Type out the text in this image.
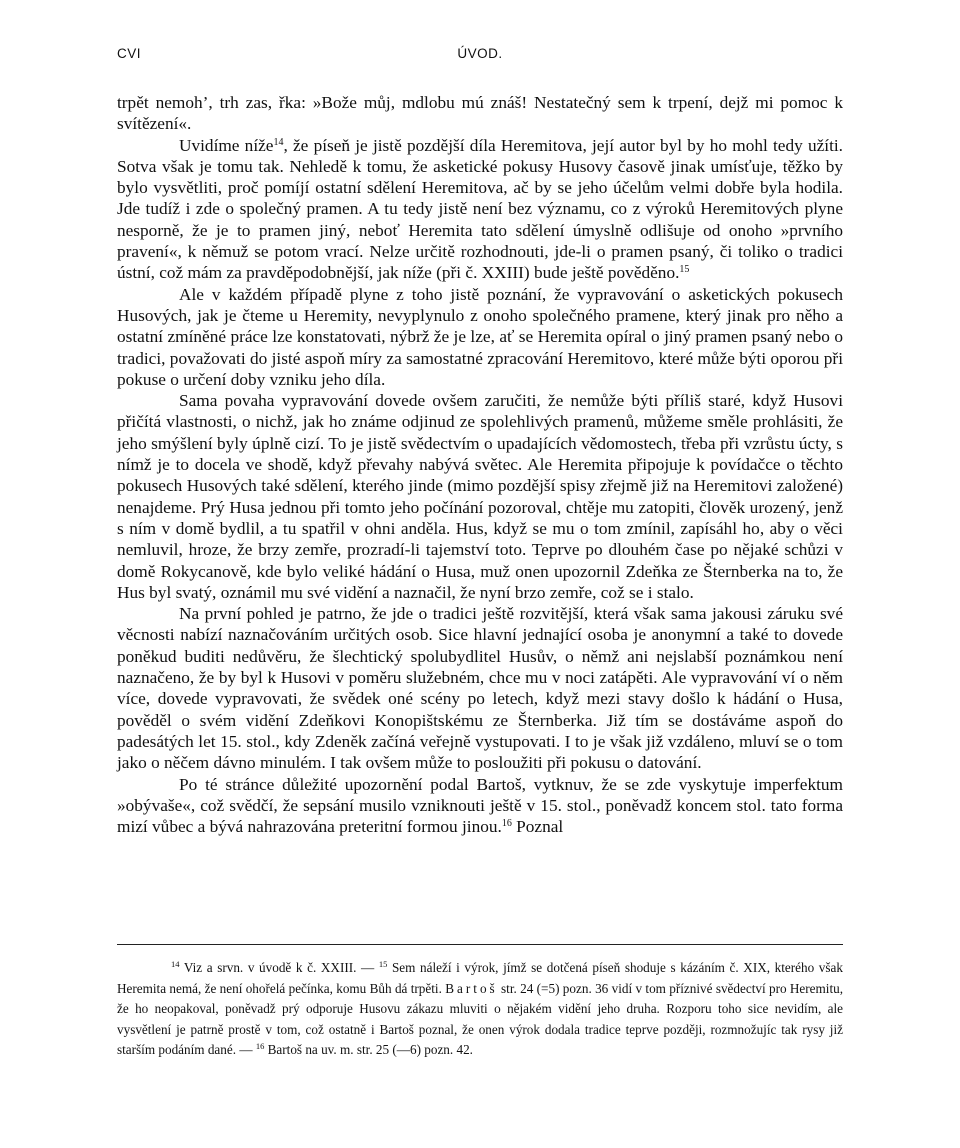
CVI	ÚVOD.

trpět nemoh’, trh zas, řka: »Bože můj, mdlobu mú znáš! Nestatečný sem k trpení, dejž mi pomoc k svítězení«.

Uvidíme níže$^{14}$, že píseň je jistě pozdější díla Heremitova, její autor byl by ho mohl tedy užíti. Sotva však je tomu tak. Nehledě k tomu, že asketické pokusy Husovy časově jinak umísťuje, těžko by bylo vysvětliti, proč pomíjí ostatní sdělení Heremitova, ač by se jeho účelům velmi dobře byla hodila. Jde tudíž i zde o společný pramen. A tu tedy jistě není bez významu, co z výroků Heremitových plyne nesporně, že je to pramen jiný, neboť Heremita tato sdělení úmyslně odlišuje od onoho »prvního pravení«, k němuž se potom vrací. Nelze určitě rozhodnouti, jde-li o pramen psaný, či toliko o tradici ústní, což mám za pravděpodobnější, jak níže (při č. XXIII) bude ještě pověděno.$^{15}$

Ale v každém případě plyne z toho jistě poznání, že vypravování o asketických pokusech Husových, jak je čteme u Heremity, nevyplynulo z onoho společného pramene, který jinak pro něho a ostatní zmíněné práce lze konstatovati, nýbrž že je lze, ať se Heremita opíral o jiný pramen psaný nebo o tradici, považovati do jisté aspoň míry za samostatné zpracování Heremitovo, které může býti oporou při pokuse o určení doby vzniku jeho díla.

Sama povaha vypravování dovede ovšem zaručiti, že nemůže býti příliš staré, když Husovi přičítá vlastnosti, o nichž, jak ho známe odjinud ze spolehlivých pramenů, můžeme směle prohlásiti, že jeho smýšlení byly úplně cizí. To je jistě svědectvím o upadajících vědomostech, třeba při vzrůstu úcty, s nímž je to docela ve shodě, když převahy nabývá světec. Ale Heremita připojuje k povídačce o těchto pokusech Husových také sdělení, kterého jinde (mimo pozdější spisy zřejmě již na Heremitovi založené) nenajdeme. Prý Husa jednou při tomto jeho počínání pozoroval, chtěje mu zatopiti, člověk urozený, jenž s ním v domě bydlil, a tu spatřil v ohni anděla. Hus, když se mu o tom zmínil, zapísáhl ho, aby o věci nemluvil, hroze, že brzy zemře, prozradí-li tajemství toto. Teprve po dlouhém čase po nějaké schůzi v domě Rokycanově, kde bylo veliké hádání o Husa, muž onen upozornil Zdeňka ze Šternberka na to, že Hus byl svatý, oznámil mu své vidění a naznačil, že nyní brzo zemře, což se i stalo.

Na první pohled je patrno, že jde o tradici ještě rozvitější, která však sama jakousi záruku své věcnosti nabízí naznačováním určitých osob. Sice hlavní jednající osoba je anonymní a také to dovede poněkud buditi nedůvěru, že šlechtický spolubydlitel Husův, o němž ani nejslabší poznámkou není naznačeno, že by byl k Husovi v poměru služebném, chce mu v noci zatápěti. Ale vypravování ví o něm více, dovede vypravovati, že svědek oné scény po letech, když mezi stavy došlo k hádání o Husa, pověděl o svém vidění Zdeňkovi Konopištskému ze Šternberka. Již tím se dostáváme aspoň do padesátých let 15. stol., kdy Zdeněk začíná veřejně vystupovati. I to je však již vzdáleno, mluví se o tom jako o něčem dávno minulém. I tak ovšem může to posloužiti při pokusu o datování.

Po té stránce důležité upozornění podal Bartoš, vytknuv, že se zde vyskytuje imperfektum »obývaše«, což svědčí, že sepsání musilo vzniknouti ještě v 15. stol., poněvadž koncem stol. tato forma mizí vůbec a bývá nahrazována preteritní formou jinou.$^{16}$ Poznal

$^{14}$ Viz a srvn. v úvodě k č. XXIII. — $^{15}$ Sem náleží i výrok, jímž se dotčená píseň shoduje s kázáním č. XIX, kterého však Heremita nemá, že není ohořelá pečínka, komu Bůh dá trpěti. Bartoš str. 24 (=5) pozn. 36 vidí v tom příznivé svědectví pro Heremitu, že ho neopakoval, poněvadž prý odporuje Husovu zákazu mluviti o nějakém vidění jeho druha. Rozporu toho sice nevidím, ale vysvětlení je patrně prostě v tom, což ostatně i Bartoš poznal, že onen výrok dodala tradice teprve později, rozmnožujíc tak rysy již starším podáním dané. — $^{16}$ Bartoš na uv. m. str. 25 (—6) pozn. 42.
